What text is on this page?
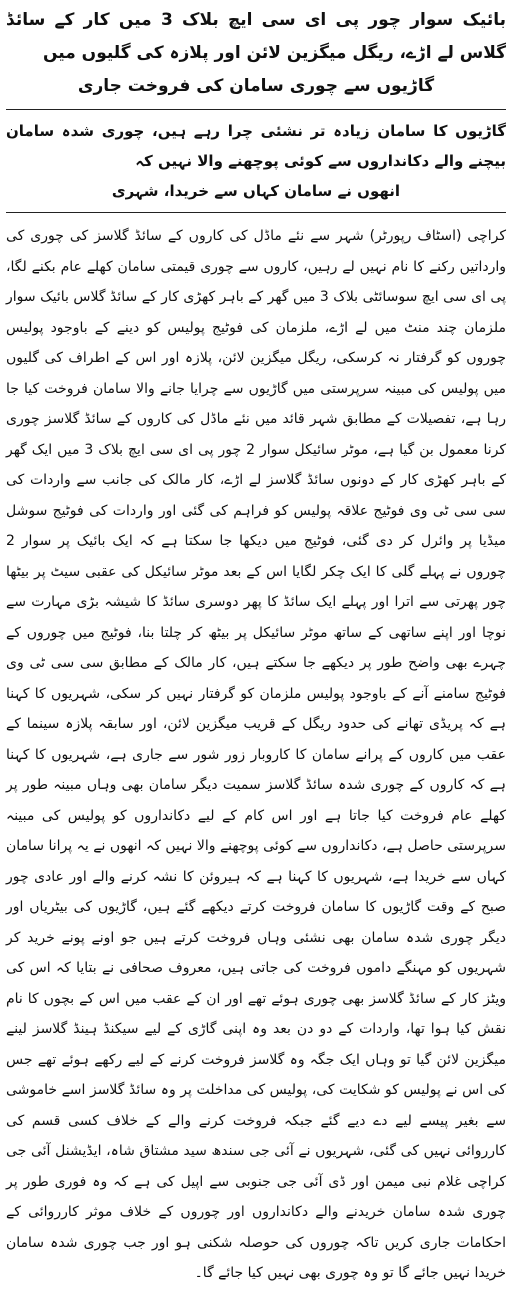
بائیک سوار چور پی ای سی ایچ بلاک 3 میں کار کے سائڈ گلاس لے اڑے، ریگل میگزین لائن اور پلازہ کی گلیوں میں
گاڑیوں سے چوری سامان کی فروخت جاری
گاڑیوں کا سامان زیادہ تر نشئی چرا رہے ہیں، چوری شدہ سامان بیچنے والے دکانداروں سے کوئی پوچھنے والا نہیں کہ
انھوں نے سامان کہاں سے خریدا، شہری

کراچی (اسٹاف رپورٹر) شہر سے نئے ماڈل کی کاروں کے سائڈ گلاسز کی چوری کی وارداتیں رکنے کا نام نہیں لے رہیں، کاروں سے چوری قیمتی سامان کھلے عام بکنے لگا، پی ای سی ایچ سوسائٹی بلاک 3 میں گھر کے باہر کھڑی کار کے سائڈ گلاس بائیک سوار ملزمان چند منٹ میں لے اڑے، ملزمان کی فوٹیج پولیس کو دینے کے باوجود پولیس چوروں کو گرفتار نہ کرسکی، ریگل میگزین لائن، پلازہ اور اس کے اطراف کی گلیوں میں پولیس کی مبینہ سرپرستی میں گاڑیوں سے چرایا جانے والا سامان فروخت کیا جا رہا ہے، تفصیلات کے مطابق شہر قائد میں نئے ماڈل کی کاروں کے سائڈ گلاسز چوری کرنا معمول بن گیا ہے، موٹر سائیکل سوار 2 چور پی ای سی ایچ بلاک 3 میں ایک گھر کے باہر کھڑی کار کے دونوں سائڈ گلاسز لے اڑے، کار مالک کی جانب سے واردات کی سی سی ٹی وی فوٹیج علاقہ پولیس کو فراہم کی گئی اور واردات کی فوٹیج سوشل میڈیا پر وائرل کر دی گئی، فوٹیج میں دیکھا جا سکتا ہے کہ ایک بائیک پر سوار 2 چوروں نے پہلے گلی کا ایک چکر لگایا اس کے بعد موٹر سائیکل کی عقبی سیٹ پر بیٹھا چور پھرتی سے اترا اور پہلے ایک سائڈ کا پھر دوسری سائڈ کا شیشہ بڑی مہارت سے نوچا اور اپنے ساتھی کے ساتھ موٹر سائیکل پر بیٹھ کر چلتا بنا، فوٹیج میں چوروں کے چہرے بھی واضح طور پر دیکھے جا سکتے ہیں، کار مالک کے مطابق سی سی ٹی وی فوٹیج سامنے آنے کے باوجود پولیس ملزمان کو گرفتار نہیں کر سکی، شہریوں کا کہنا ہے کہ پریڈی تھانے کی حدود ریگل کے قریب میگزین لائن، اور سابقہ پلازہ سینما کے عقب میں کاروں کے پرانے سامان کا کاروبار زور شور سے جاری ہے، شہریوں کا کہنا ہے کہ کاروں کے چوری شدہ سائڈ گلاسز سمیت دیگر سامان بھی وہاں مبینہ طور پر کھلے عام فروخت کیا جاتا ہے اور اس کام کے لیے دکانداروں کو پولیس کی مبینہ سرپرستی حاصل ہے، دکانداروں سے کوئی پوچھنے والا نہیں کہ انھوں نے یہ پرانا سامان کہاں سے خریدا ہے، شہریوں کا کہنا ہے کہ ہیروئن کا نشہ کرنے والے اور عادی چور صبح کے وقت گاڑیوں کا سامان فروخت کرتے دیکھے گئے ہیں، گاڑیوں کی بیٹریاں اور دیگر چوری شدہ سامان بھی نشئی وہاں فروخت کرتے ہیں جو اونے پونے خرید کر شہریوں کو مہنگے داموں فروخت کی جاتی ہیں، معروف صحافی نے بتایا کہ اس کی ویٹز کار کے سائڈ گلاسز بھی چوری ہوئے تھے اور ان کے عقب میں اس کے بچوں کا نام نقش کیا ہوا تھا، واردات کے دو دن بعد وہ اپنی گاڑی کے لیے سیکنڈ ہینڈ گلاسز لینے میگزین لائن گیا تو وہاں ایک جگہ وہ گلاسز فروخت کرنے کے لیے رکھے ہوئے تھے جس کی اس نے پولیس کو شکایت کی، پولیس کی مداخلت پر وہ سائڈ گلاسز اسے خاموشی سے بغیر پیسے لیے دے دیے گئے جبکہ فروخت کرنے والے کے خلاف کسی قسم کی کارروائی نہیں کی گئی، شہریوں نے آئی جی سندھ سید مشتاق شاہ، ایڈیشنل آئی جی کراچی غلام نبی میمن اور ڈی آئی جی جنوبی سے اپیل کی ہے کہ وہ فوری طور پر چوری شدہ سامان خریدنے والے دکانداروں اور چوروں کے خلاف موثر کارروائی کے احکامات جاری کریں تاکہ چوروں کی حوصلہ شکنی ہو اور جب چوری شدہ سامان خریدا نہیں جائے گا تو وہ چوری بھی نہیں کیا جائے گا۔
